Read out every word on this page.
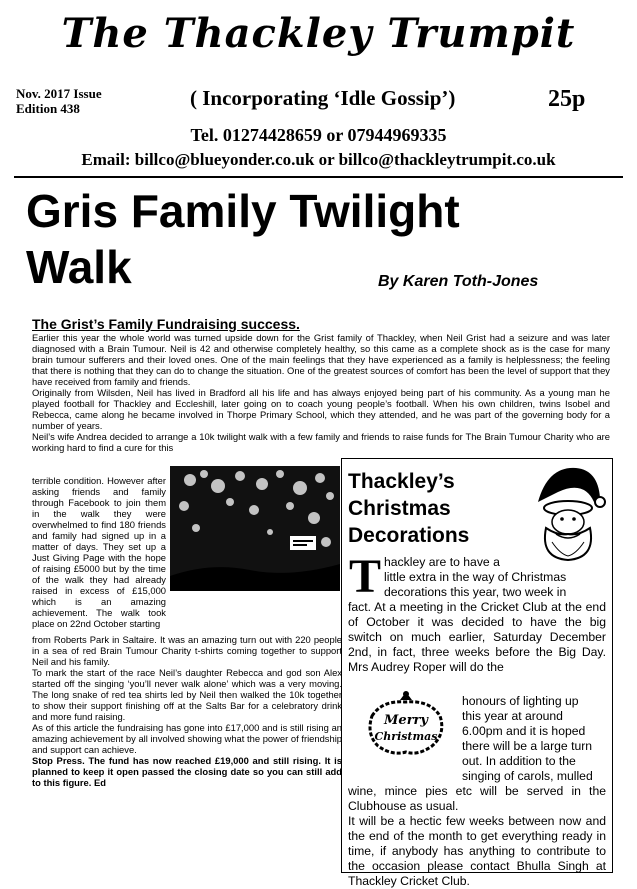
The Thackley Trumpit
Nov. 2017 Issue
Edition 438	( Incorporating ‘Idle Gossip’)	25p
Tel. 01274428659 or 07944969335
Email: billco@blueyonder.co.uk or billco@thackleytrumpit.co.uk
Gris Family Twilight
Walk	By Karen Toth-Jones
The Grist’s Family Fundraising success.

Earlier this year the whole world was turned upside down for the Grist family of Thackley, when Neil Grist had a seizure and was later diagnosed with a Brain Tumour. Neil is 42 and otherwise completely healthy, so this came as a complete shock as is the case for many brain tumour sufferers and their loved ones. One of the main feelings that they have experienced as a family is helplessness; the feeling that there is nothing that they can do to change the situation. One of the greatest sources of comfort has been the level of support that they have received from family and friends.

Originally from Wilsden, Neil has lived in Bradford all his life and has always enjoyed being part of his community. As a young man he played football for Thackley and Eccleshill, later going on to coach young people’s football. When his own children, twins Isobel and Rebecca, came along he became involved in Thorpe Primary School, which they attended, and he was part of the governing body for a number of years.

Neil’s wife Andrea decided to arrange a 10k twilight walk with a few family and friends to raise funds for The Brain Tumour Charity who are working hard to find a cure for this

terrible condition. However after asking friends and family through Facebook to join them in the walk they were overwhelmed to find 180 friends and family had signed up in a matter of days. They set up a Just Giving Page with the hope of raising £5000 but by the time of the walk they had already raised in excess of £15,000 which is an amazing achievement. The walk took place on 22nd October starting

from Roberts Park in Saltaire. It was an amazing turn out with 220 people in a sea of red Brain Tumour Charity t-shirts coming together to support Neil and his family.

To mark the start of the race Neil’s daughter Rebecca and god son Alex started off the singing ‘you’ll never walk alone’ which was a very moving. The long snake of red tea shirts led by Neil then walked the 10k together to show their support finishing off at the Salts Bar for a celebratory drink and more fund raising.

As of this article the fundraising has gone into £17,000 and is still rising an amazing achievement by all involved showing what the power of friendship and support can achieve.

Stop Press. The fund has now reached £19,000 and still rising. It is planned to keep it open passed the closing date so you can still add to this figure. Ed

Thackley’s Christmas Decorations
T hackley are to have a
little extra in the way of Christmas
decorations this year, two week in
fact. At a meeting in the Cricket Club at the end of October it was decided to have the big switch on much earlier, Saturday December 2nd, in fact, three weeks before the Big Day. Mrs Audrey Roper will do the
Merry
Christmas
honours of lighting up
this year at around
6.00pm and it is hoped
there will be a large turn
out. In addition to the
singing of carols, mulled
wine, mince pies etc will be served in the Clubhouse as usual.
It will be a hectic few weeks between now and the end of the month to get everything ready in time, if anybody has anything to contribute to the occasion please contact Bhulla Singh at Thackley Cricket Club.
